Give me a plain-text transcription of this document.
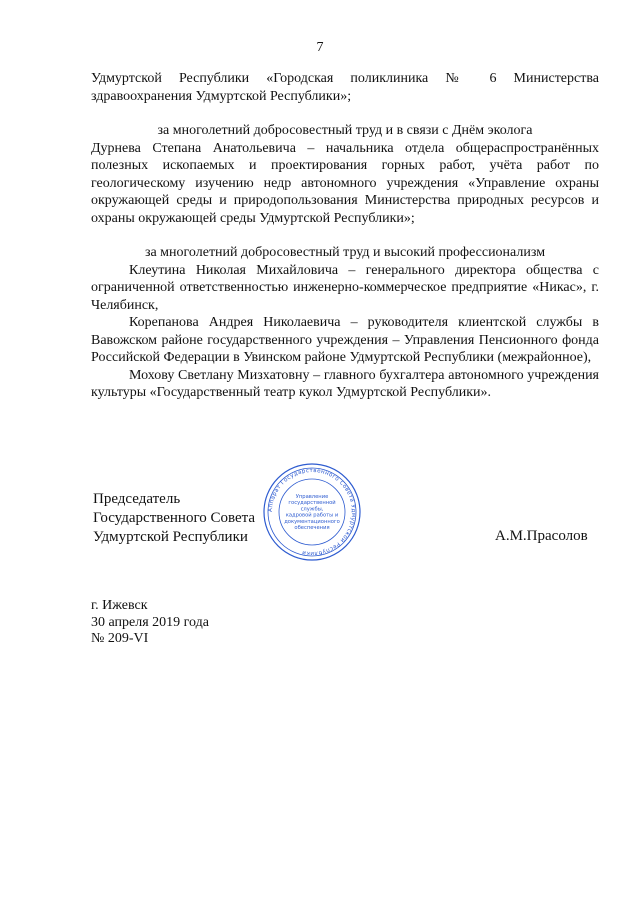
7

Удмуртской Республики «Городская поликлиника № 6 Министерства

здравоохранения Удмуртской Республики»;

за многолетний добросовестный труд и в связи с Днём эколога

Дурнева Степана Анатольевича – начальника отдела общераспространённых полезных ископаемых и проектирования горных работ, учёта работ по геологическому изучению недр автономного учреждения «Управление охраны окружающей среды и природопользования Министерства природных ресурсов и охраны окружающей среды Удмуртской Республики»;

за многолетний добросовестный труд и высокий профессионализм

Клеутина Николая Михайловича – генерального директора общества с ограниченной ответственностью инженерно-коммерческое предприятие «Никас», г. Челябинск,

Корепанова Андрея Николаевича – руководителя клиентской службы в Вавожском районе государственного учреждения – Управления Пенсионного фонда Российской Федерации в Увинском районе Удмуртской Республики (межрайонное),

Мохову Светлану Мизхатовну – главного бухгалтера автономного учреждения культуры «Государственный театр кукол Удмуртской Республики».

Председатель
Государственного Совета
Удмуртской Республики	А.М.Прасолов
Аппарат Государственного Совета Удмуртской Республики
Управление
государственной
службы,
кадровой работы и
документационного
обеспечения
г. Ижевск
30 апреля 2019 года
№ 209-VI
